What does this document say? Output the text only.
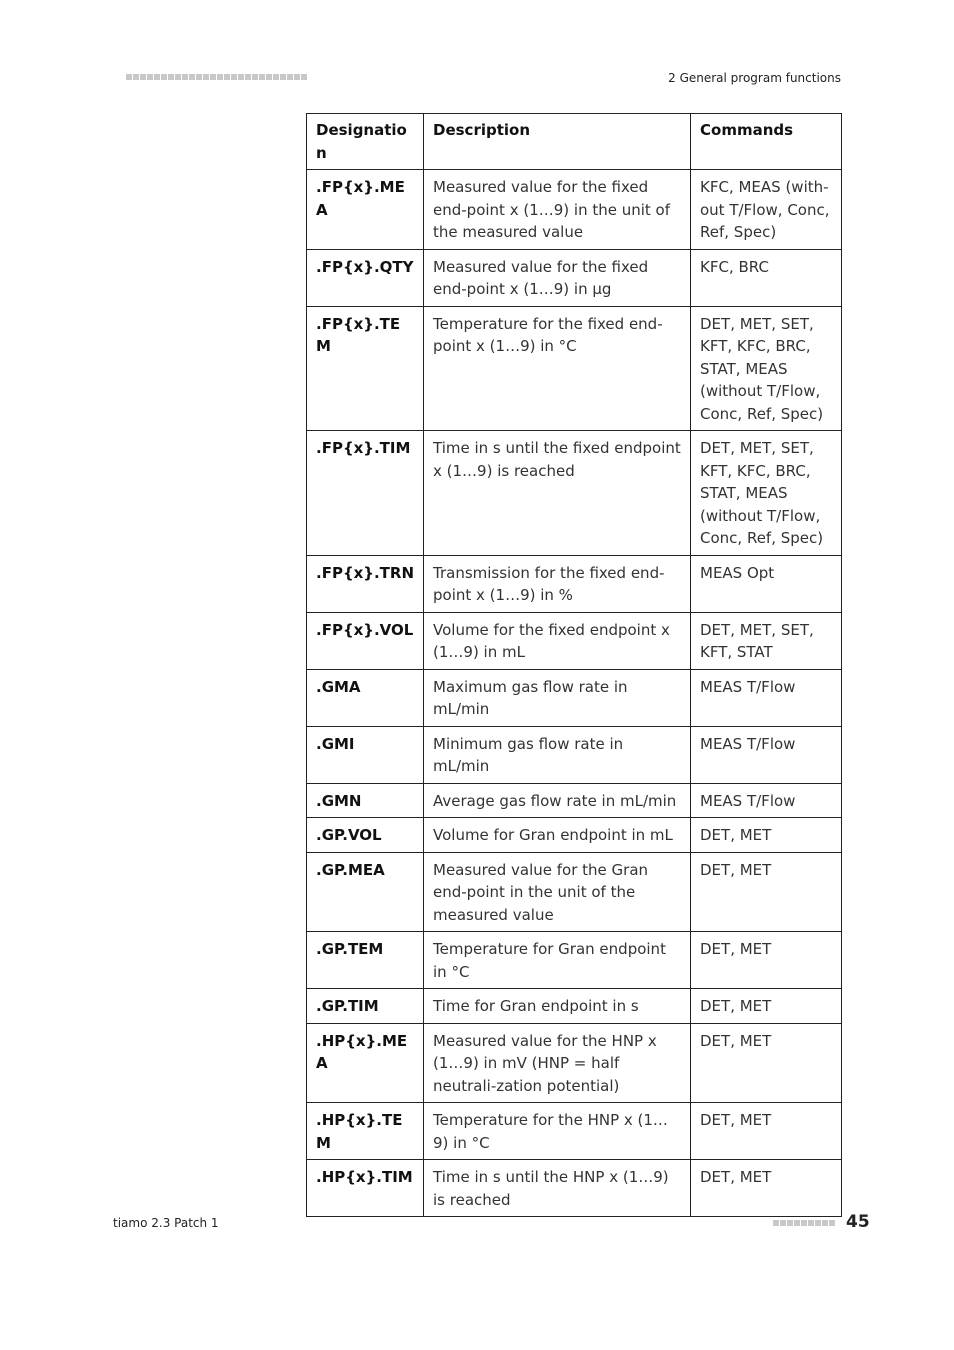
2 General program functions
Designation	Description	Commands
.FP{x}.MEA	Measured value for the fixed end-point x (1…9) in the unit of the measured value	KFC, MEAS (with-out T/Flow, Conc, Ref, Spec)
.FP{x}.QTY	Measured value for the fixed end-point x (1…9) in µg	KFC, BRC
.FP{x}.TEM	Temperature for the fixed end-point x (1…9) in °C	DET, MET, SET, KFT, KFC, BRC, STAT, MEAS (without T/Flow, Conc, Ref, Spec)
.FP{x}.TIM	Time in s until the fixed endpoint x (1…9) is reached	DET, MET, SET, KFT, KFC, BRC, STAT, MEAS (without T/Flow, Conc, Ref, Spec)
.FP{x}.TRN	Transmission for the fixed end-point x (1…9) in %	MEAS Opt
.FP{x}.VOL	Volume for the fixed endpoint x (1…9) in mL	DET, MET, SET, KFT, STAT
.GMA	Maximum gas flow rate in mL/min	MEAS T/Flow
.GMI	Minimum gas flow rate in mL/min	MEAS T/Flow
.GMN	Average gas flow rate in mL/min	MEAS T/Flow
.GP.VOL	Volume for Gran endpoint in mL	DET, MET
.GP.MEA	Measured value for the Gran end-point in the unit of the measured value	DET, MET
.GP.TEM	Temperature for Gran endpoint in °C	DET, MET
.GP.TIM	Time for Gran endpoint in s	DET, MET
.HP{x}.MEA	Measured value for the HNP x (1…9) in mV (HNP = half neutrali-zation potential)	DET, MET
.HP{x}.TEM	Temperature for the HNP x (1…9) in °C	DET, MET
.HP{x}.TIM	Time in s until the HNP x (1…9) is reached	DET, MET
tiamo 2.3 Patch 1	45
